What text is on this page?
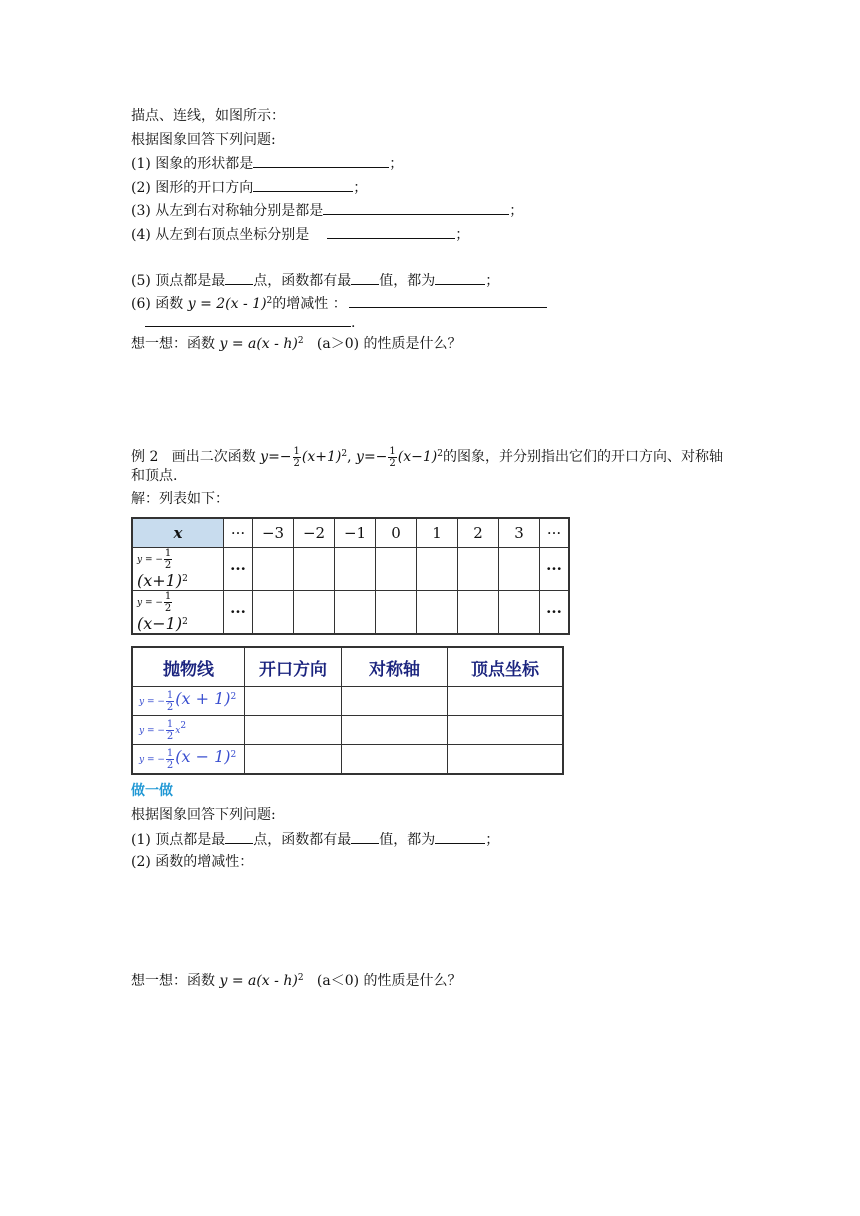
描点、连线，如图所示：
根据图象回答下列问题:
(1) 图象的形状都是	；
(2) 图形的开口方向	；
(3) 从左到右对称轴分别是都是	；
(4) 从左到右顶点坐标分别是	；
(5) 顶点都是最 点，函数都有最 值，都为	；
(6) 函数 y = 2(x - 1)$^2$的增减性 ：
.
想一想：函数 y = a(x - h)$^2$ (a＞0) 的性质是什么？
例 2 画出二次函数 $y=- \frac{1}{2} (x+1)^2$, $y=- \frac{1}{2} (x-1)^2$的图象，并分别指出它们的开口方向、对称轴
和顶点.
解：列表如下：
x	···	−3	−2	−1	0	1	2	3	···
y = − $\frac{1}{2}$
$(x+1)^2$	···								···
y = − $\frac{1}{2}$
$(x-1)^2$	···								···
抛物线	开口方向	对称轴	顶点坐标
y = − $\frac{1}{2} (x + 1)^2$			
y = − $\frac{1}{2} x^2$			
y = − $\frac{1}{2} (x - 1)^2$			
做一做
根据图象回答下列问题:
(1) 顶点都是最 点，函数都有最 值，都为	；
(2) 函数的增减性：
想一想：函数 y = a(x - h)$^2$ (a＜0) 的性质是什么？
